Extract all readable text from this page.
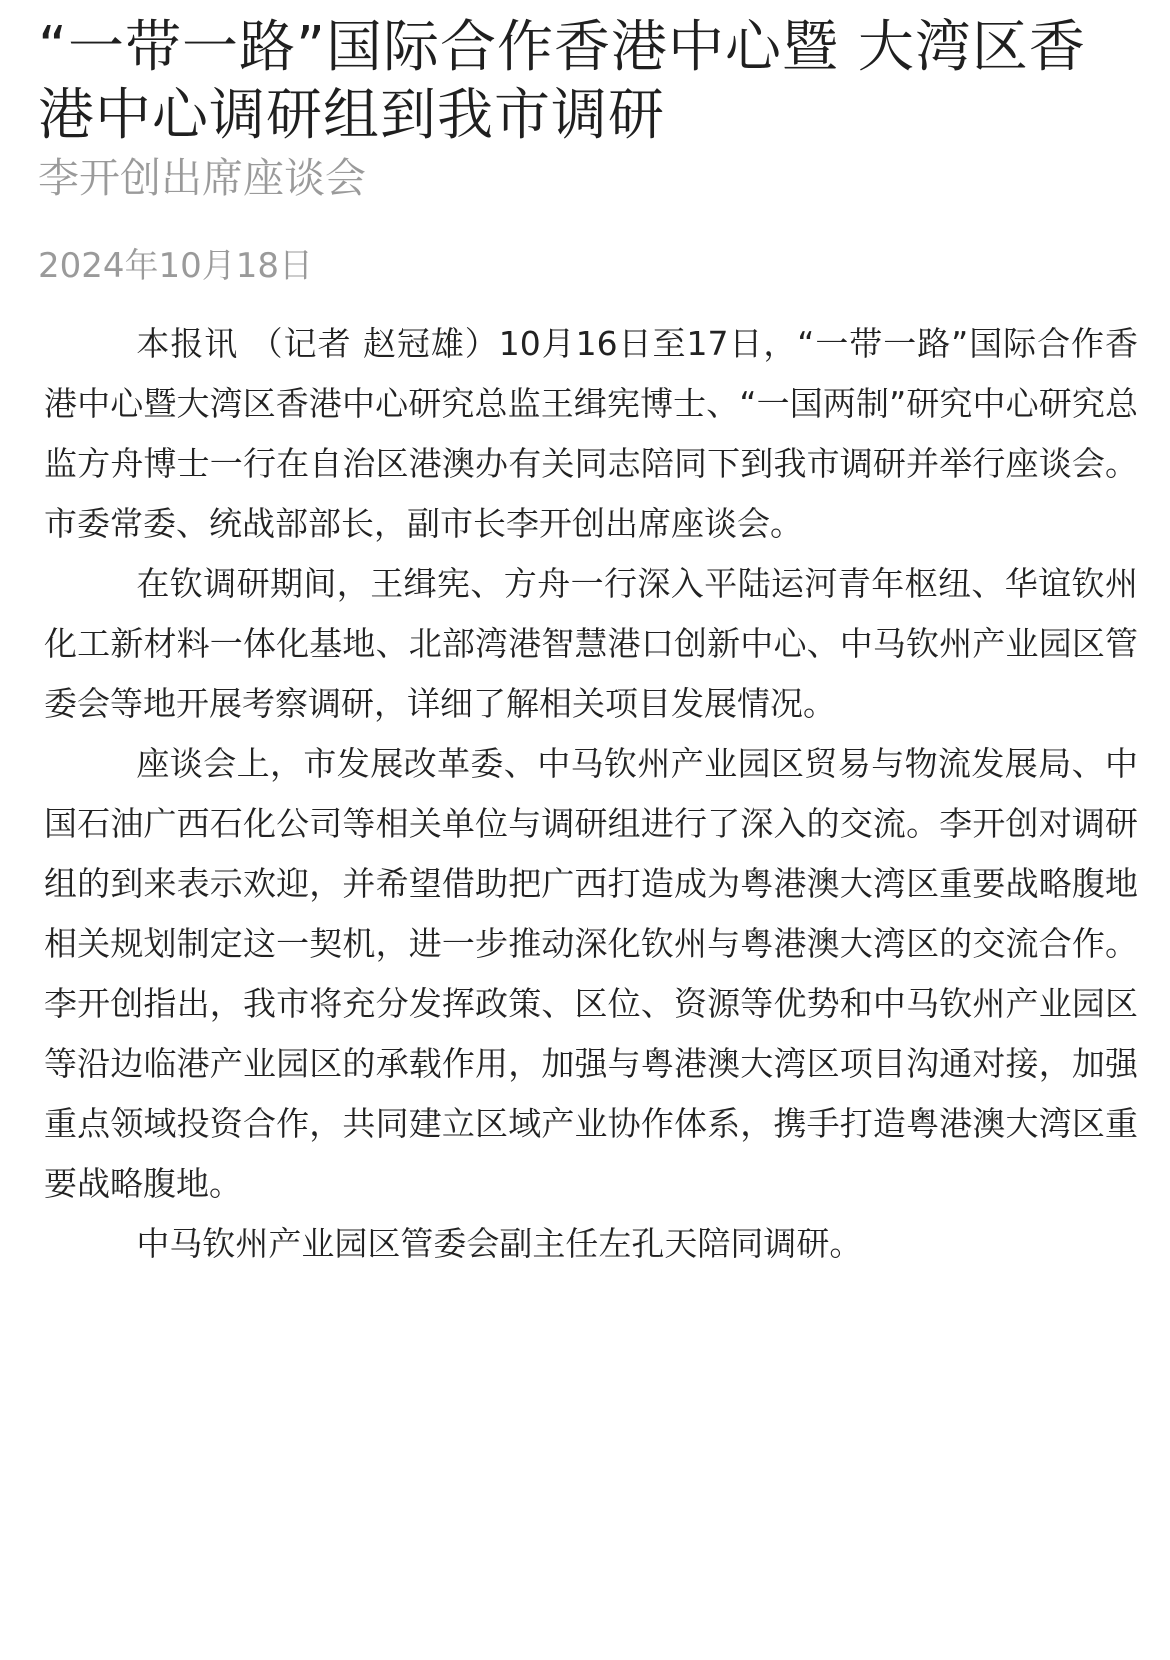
“一带一路”国际合作香港中心暨 大湾区香港中心调研组到我市调研
李开创出席座谈会
2024年10月18日

本报讯 （记者 赵冠雄）10月16日至17日，“一带一路”国际合作香港中心暨大湾区香港中心研究总监王缉宪博士、“一国两制”研究中心研究总监方舟博士一行在自治区港澳办有关同志陪同下到我市调研并举行座谈会。市委常委、统战部部长，副市长李开创出席座谈会。

在钦调研期间，王缉宪、方舟一行深入平陆运河青年枢纽、华谊钦州化工新材料一体化基地、北部湾港智慧港口创新中心、中马钦州产业园区管委会等地开展考察调研，详细了解相关项目发展情况。

座谈会上，市发展改革委、中马钦州产业园区贸易与物流发展局、中国石油广西石化公司等相关单位与调研组进行了深入的交流。李开创对调研组的到来表示欢迎，并希望借助把广西打造成为粤港澳大湾区重要战略腹地相关规划制定这一契机，进一步推动深化钦州与粤港澳大湾区的交流合作。李开创指出，我市将充分发挥政策、区位、资源等优势和中马钦州产业园区等沿边临港产业园区的承载作用，加强与粤港澳大湾区项目沟通对接，加强重点领域投资合作，共同建立区域产业协作体系，携手打造粤港澳大湾区重要战略腹地。

中马钦州产业园区管委会副主任左孔天陪同调研。
